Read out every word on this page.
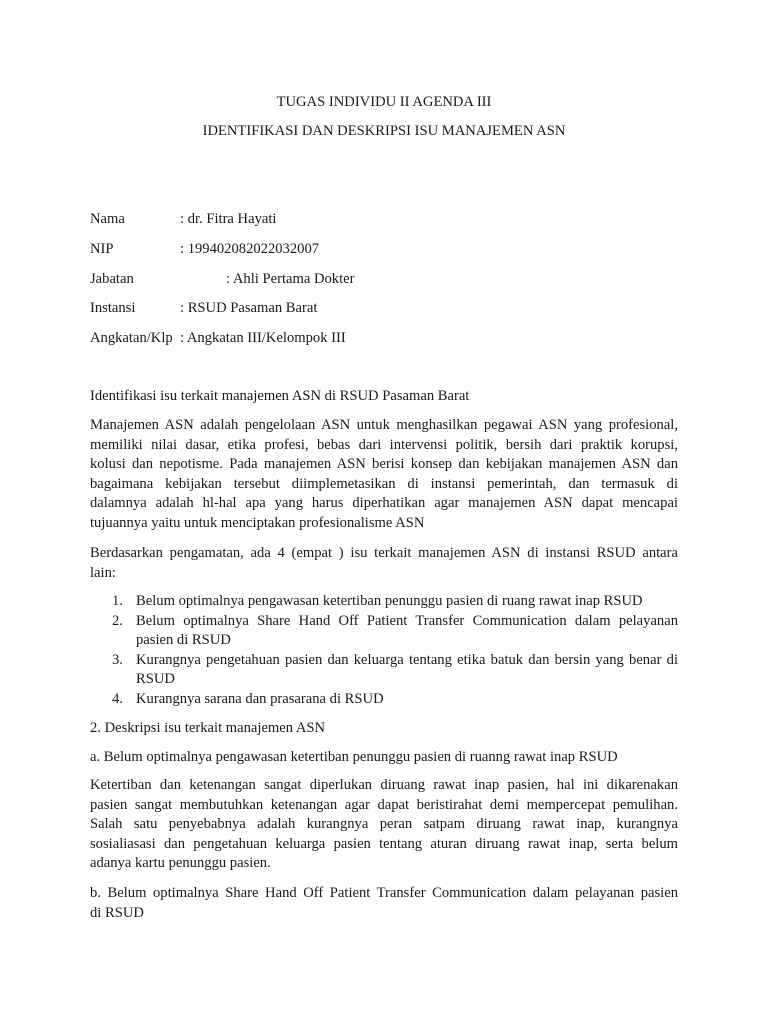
TUGAS INDIVIDU II AGENDA III
IDENTIFIKASI DAN DESKRIPSI ISU MANAJEMEN ASN
Nama	: dr. Fitra Hayati
NIP	: 199402082022032007
Jabatan	: Ahli Pertama Dokter
Instansi	: RSUD Pasaman Barat
Angkatan/Klp : Angkatan III/Kelompok III
Identifikasi isu terkait manajemen ASN di RSUD Pasaman Barat
Manajemen ASN adalah pengelolaan ASN untuk menghasilkan pegawai ASN yang profesional,
memiliki nilai dasar, etika profesi, bebas dari intervensi politik, bersih dari praktik korupsi,
kolusi dan nepotisme. Pada manajemen ASN berisi konsep dan kebijakan manajemen ASN dan
bagaimana kebijakan tersebut diimplemetasikan di instansi pemerintah, dan termasuk di
dalamnya adalah hl-hal apa yang harus diperhatikan agar manajemen ASN dapat mencapai
tujuannya yaitu untuk menciptakan profesionalisme ASN
Berdasarkan pengamatan, ada 4 (empat ) isu terkait manajemen ASN di instansi RSUD antara
lain:
1. Belum optimalnya pengawasan ketertiban penunggu pasien di ruang rawat inap RSUD
2. Belum optimalnya Share Hand Off Patient Transfer Communication dalam pelayanan
pasien di RSUD
3. Kurangnya pengetahuan pasien dan keluarga tentang etika batuk dan bersin yang benar di
RSUD
4. Kurangnya sarana dan prasarana di RSUD
2. Deskripsi isu terkait manajemen ASN
a. Belum optimalnya pengawasan ketertiban penunggu pasien di ruanng rawat inap RSUD
Ketertiban dan ketenangan sangat diperlukan diruang rawat inap pasien, hal ini dikarenakan
pasien sangat membutuhkan ketenangan agar dapat beristirahat demi mempercepat pemulihan.
Salah satu penyebabnya adalah kurangnya peran satpam diruang rawat inap, kurangnya
sosialiasasi dan pengetahuan keluarga pasien tentang aturan diruang rawat inap, serta belum
adanya kartu penunggu pasien.
b. Belum optimalnya Share Hand Off Patient Transfer Communication dalam pelayanan pasien
di RSUD
